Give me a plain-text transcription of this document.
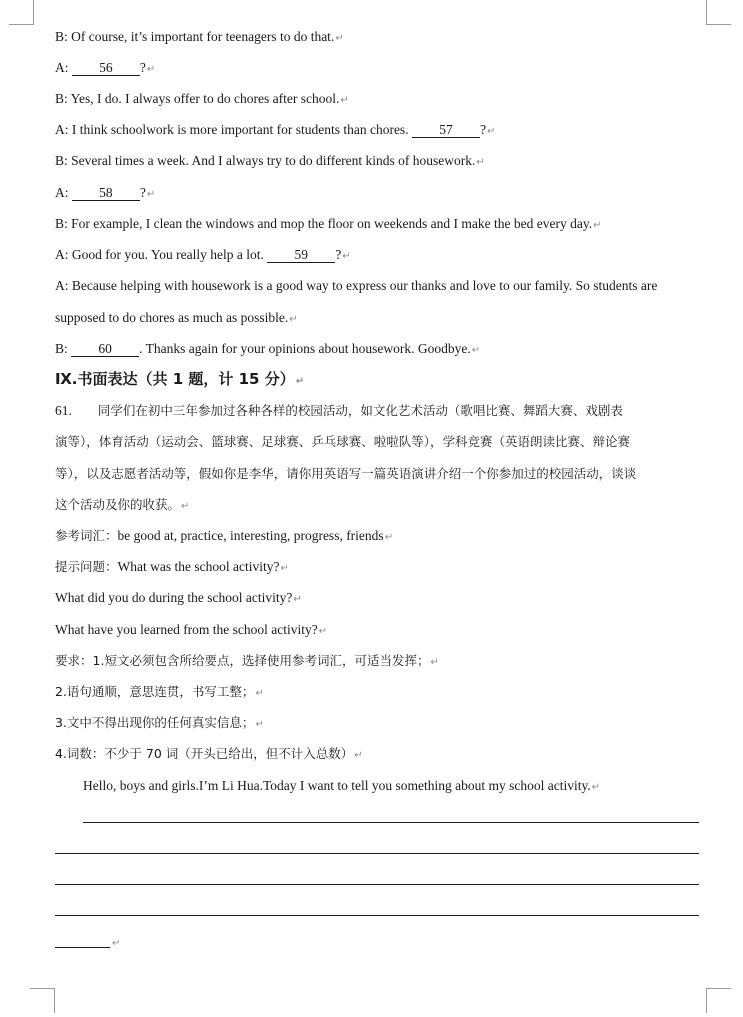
B: Of course, it’s important for teenagers to do that.↵
A: 56 ?↵
B: Yes, I do. I always offer to do chores after school.↵
A: I think schoolwork is more important for students than chores. 57 ?↵
B: Several times a week. And I always try to do different kinds of housework.↵
A: 58 ?↵
B: For example, I clean the windows and mop the floor on weekends and I make the bed every day.↵
A: Good for you. You really help a lot. 59 ?↵
A: Because helping with housework is a good way to express our thanks and love to our family. So students are
supposed to do chores as much as possible.↵
B: 60 . Thanks again for your opinions about housework. Goodbye.↵
Ⅸ.书面表达（共 1 题，计 15 分）↵
61. 同学们在初中三年参加过各种各样的校园活动，如文化艺术活动（歌唱比赛、舞蹈大赛、戏剧表
演等），体育活动（运动会、篮球赛、足球赛、乒乓球赛、啦啦队等），学科竞赛（英语朗读比赛、辩论赛
等），以及志愿者活动等，假如你是李华，请你用英语写一篇英语演讲介绍一个你参加过的校园活动，谈谈
这个活动及你的收获。↵
参考词汇：be good at, practice, interesting, progress, friends↵
提示问题：What was the school activity?↵
What did you do during the school activity?↵
What have you learned from the school activity?↵
要求：1.短文必须包含所给要点，选择使用参考词汇，可适当发挥；↵
2.语句通顺，意思连贯，书写工整；↵
3.文中不得出现你的任何真实信息；↵
4.词数：不少于 70 词（开头已给出，但不计入总数）↵
Hello, boys and girls.I’m Li Hua.Today I want to tell you something about my school activity.↵
↵
